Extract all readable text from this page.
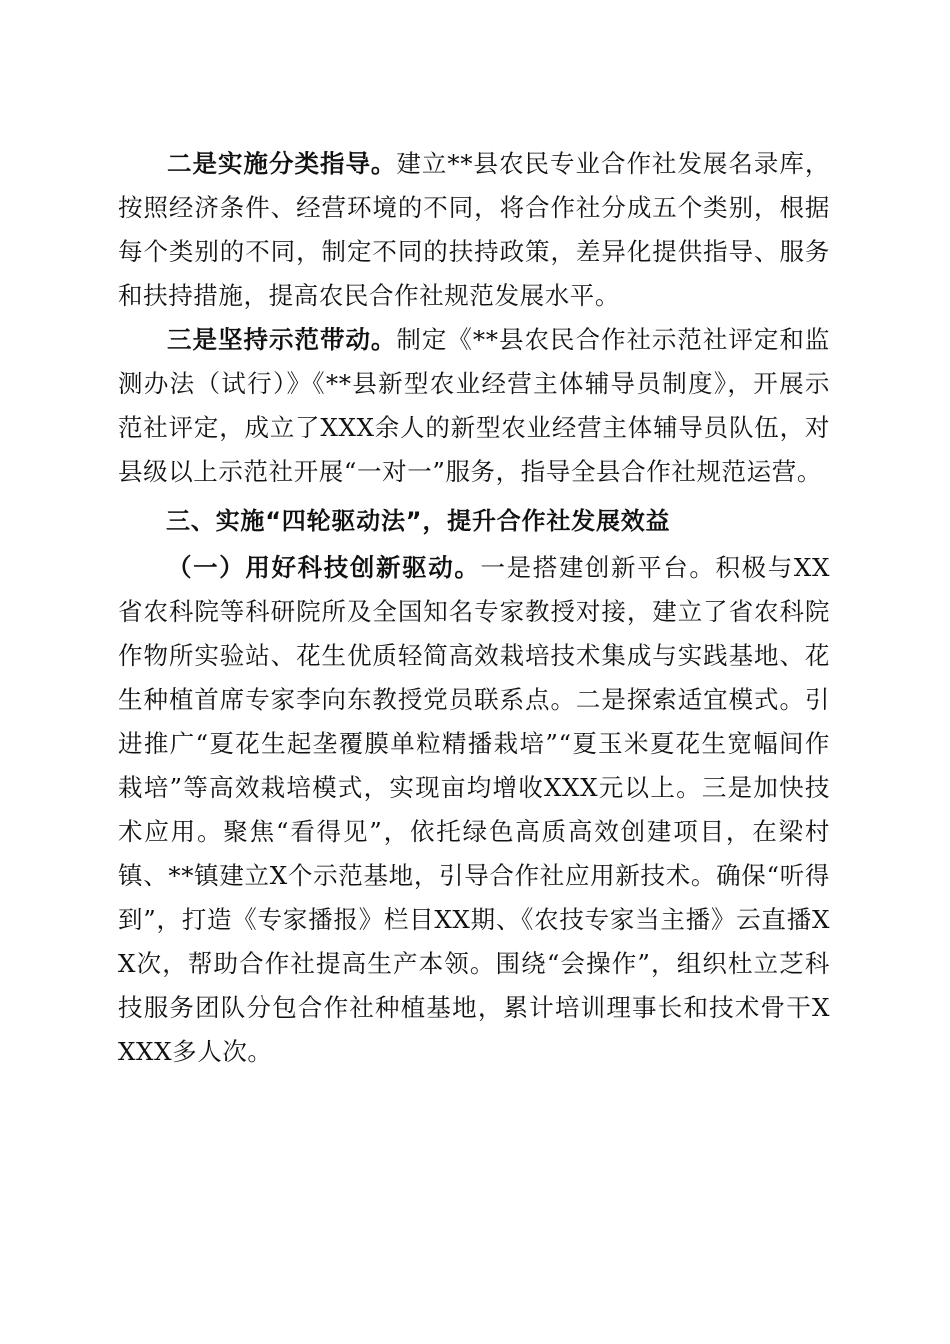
二是实施分类指导。建立**县农民专业合作社发展名录库，按照经济条件、经营环境的不同，将合作社分成五个类别，根据每个类别的不同，制定不同的扶持政策，差异化提供指导、服务和扶持措施，提高农民合作社规范发展水平。

三是坚持示范带动。制定《**县农民合作社示范社评定和监测办法（试行）》《**县新型农业经营主体辅导员制度》，开展示范社评定，成立了XXX余人的新型农业经营主体辅导员队伍，对县级以上示范社开展“一对一”服务，指导全县合作社规范运营。

三、实施“四轮驱动法”，提升合作社发展效益

（一）用好科技创新驱动。一是搭建创新平台。积极与XX省农科院等科研院所及全国知名专家教授对接，建立了省农科院作物所实验站、花生优质轻简高效栽培技术集成与实践基地、花生种植首席专家李向东教授党员联系点。二是探索适宜模式。引进推广“夏花生起垄覆膜单粒精播栽培”“夏玉米夏花生宽幅间作栽培”等高效栽培模式，实现亩均增收XXX元以上。三是加快技术应用。聚焦“看得见”，依托绿色高质高效创建项目，在梁村镇、**镇建立X个示范基地，引导合作社应用新技术。确保“听得到”，打造《专家播报》栏目XX期、《农技专家当主播》云直播XX次，帮助合作社提高生产本领。围绕“会操作”，组织杜立芝科技服务团队分包合作社种植基地，累计培训理事长和技术骨干XXXX多人次。
